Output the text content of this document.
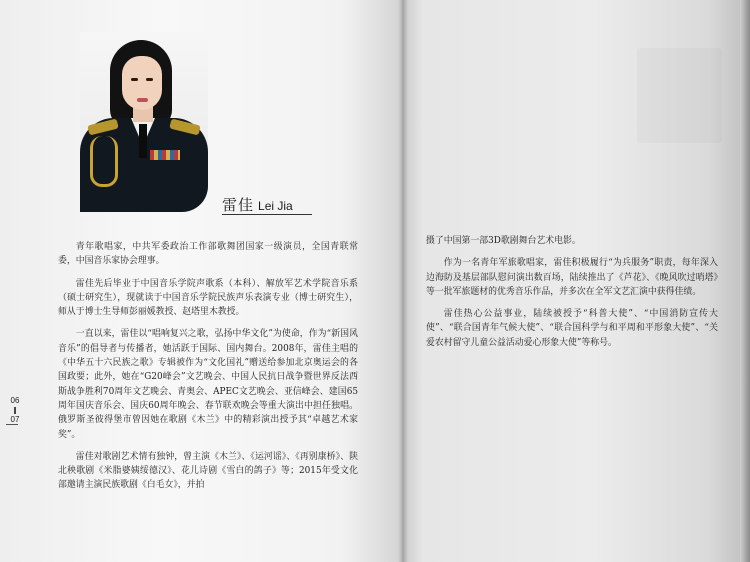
雷佳 Lei Jia

青年歌唱家，中共军委政治工作部歌舞团国家一级演员，全国青联常委，中国音乐家协会理事。

雷佳先后毕业于中国音乐学院声歌系（本科）、解放军艺术学院音乐系（硕士研究生），现就读于中国音乐学院民族声乐表演专业（博士研究生），师从于博士生导师彭丽媛教授、赵塔里木教授。

一直以来，雷佳以“唱响复兴之歌，弘扬中华文化”为使命，作为“新国风音乐”的倡导者与传播者，她活跃于国际、国内舞台。2008年，雷佳主唱的《中华五十六民族之歌》专辑被作为“文化国礼”赠送给参加北京奥运会的各国政要；此外，她在“G20峰会”文艺晚会、中国人民抗日战争暨世界反法西斯战争胜利70周年文艺晚会、青奥会、APEC文艺晚会、亚信峰会、建国65周年国庆音乐会、国庆60周年晚会、春节联欢晚会等重大演出中担任独唱。俄罗斯圣彼得堡市曾因她在歌剧《木兰》中的精彩演出授予其“卓越艺术家奖”。

雷佳对歌剧艺术情有独钟，曾主演《木兰》、《运河谣》、《再别康桥》、陕北秧歌剧《米脂婆姨绥德汉》、花儿诗剧《雪白的鸽子》等；2015年受文化部邀请主演民族歌剧《白毛女》，并拍

06
07

摄了中国第一部3D歌剧舞台艺术电影。

作为一名青年军旅歌唱家，雷佳积极履行“为兵服务”职责，每年深入边海防及基层部队慰问演出数百场，陆续推出了《芦花》、《晚风吹过哨塔》等一批军旅题材的优秀音乐作品，并多次在全军文艺汇演中获得佳绩。

雷佳热心公益事业，陆续被授予“科普大使”、“中国消防宣传大使”、“联合国青年气候大使”、“联合国科学与和平周和平形象大使”、“关爱农村留守儿童公益活动爱心形象大使”等称号。
